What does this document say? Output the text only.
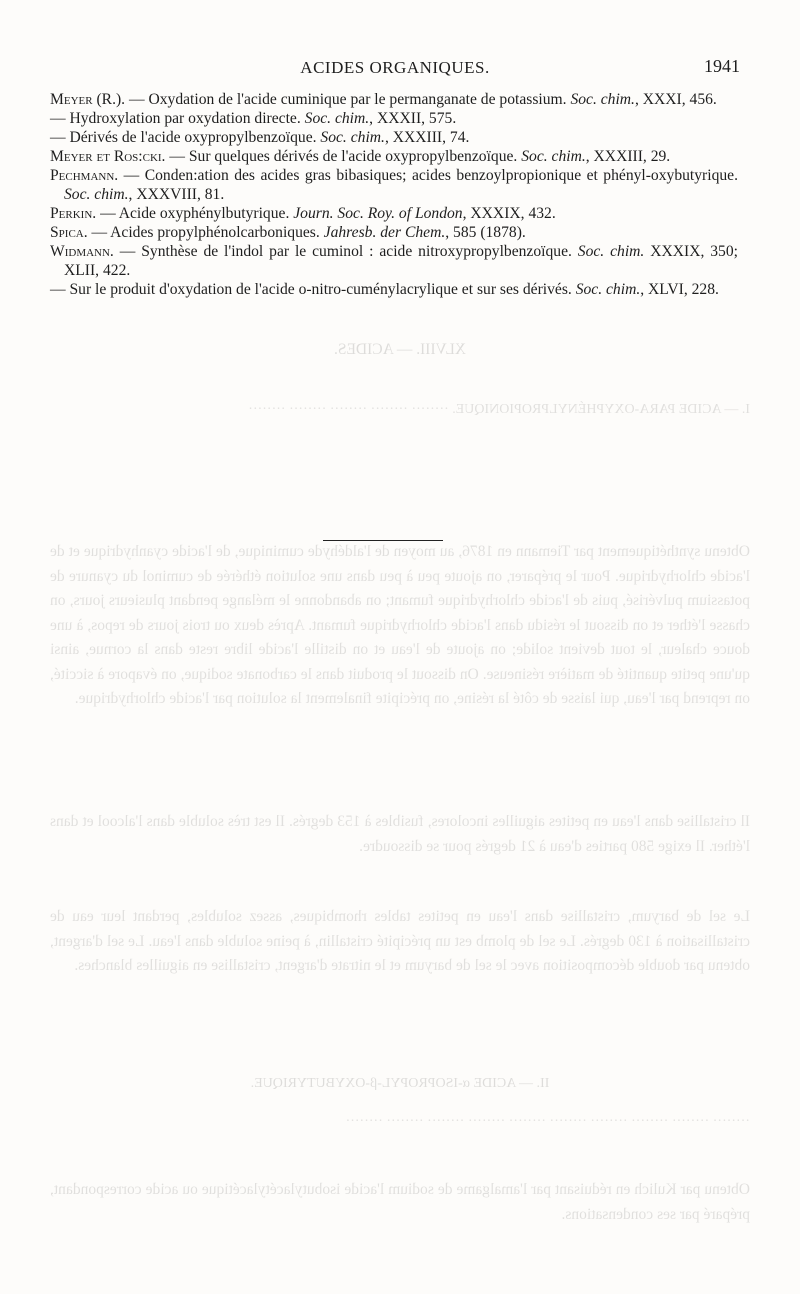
XLVIII. — ACIDES.
I. — ACIDE PARA-OXYPHÉNYLPROPIONIQUE. ········ ········ ········ ········ ········
Obtenu synthétiquement par Tiemann en 1876, au moyen de l'aldéhyde cuminique, de l'acide cyanhydrique et de l'acide chlorhydrique. Pour le préparer, on ajoute peu à peu dans une solution éthérée de cuminol du cyanure de potassium pulvérisé, puis de l'acide chlorhydrique fumant; on abandonne le mélange pendant plusieurs jours, on chasse l'éther et on dissout le résidu dans l'acide chlorhydrique fumant. Après deux ou trois jours de repos, à une douce chaleur, le tout devient solide; on ajoute de l'eau et on distille l'acide libre reste dans la cornue, ainsi qu'une petite quantité de matière résineuse. On dissout le produit dans le carbonate sodique, on évapore à siccité, on reprend par l'eau, qui laisse de côté la résine, on précipite finalement la solution par l'acide chlorhydrique.
Il cristallise dans l'eau en petites aiguilles incolores, fusibles à 153 degrés. Il est très soluble dans l'alcool et dans l'éther. Il exige 580 parties d'eau à 21 degrés pour se dissoudre.
Le sel de baryum, cristallise dans l'eau en petites tables rhombiques, assez solubles, perdant leur eau de cristallisation à 130 degrés. Le sel de plomb est un précipité cristallin, à peine soluble dans l'eau. Le sel d'argent, obtenu par double décomposition avec le sel de baryum et le nitrate d'argent, cristallise en aiguilles blanches.
II. — ACIDE α-ISOPROPYL-β-OXYBUTYRIQUE.
········ ········ ········ ········ ········ ········ ········ ········ ········ ········
Obtenu par Kulich en réduisant par l'amalgame de sodium l'acide isobutylacétylacétique ou acide correspondant, préparé par ses condensations.
ACIDES ORGANIQUES.	1941

Meyer (R.). — Oxydation de l'acide cuminique par le permanganate de potassium. Soc. chim., XXXI, 456.

— Hydroxylation par oxydation directe. Soc. chim., XXXII, 575.

— Dérivés de l'acide oxypropylbenzoïque. Soc. chim., XXXIII, 74.

Meyer et Ros:cki. — Sur quelques dérivés de l'acide oxypropylbenzoïque. Soc. chim., XXXIII, 29.

Pechmann. — Conden:ation des acides gras bibasiques; acides benzoylpropionique et phényl-oxybutyrique. Soc. chim., XXXVIII, 81.

Perkin. — Acide oxyphénylbutyrique. Journ. Soc. Roy. of London, XXXIX, 432.

Spica. — Acides propylphénolcarboniques. Jahresb. der Chem., 585 (1878).

Widmann. — Synthèse de l'indol par le cuminol : acide nitroxypropylbenzoïque. Soc. chim. XXXIX, 350; XLII, 422.

— Sur le produit d'oxydation de l'acide o-nitro-cuménylacrylique et sur ses dérivés. Soc. chim., XLVI, 228.
